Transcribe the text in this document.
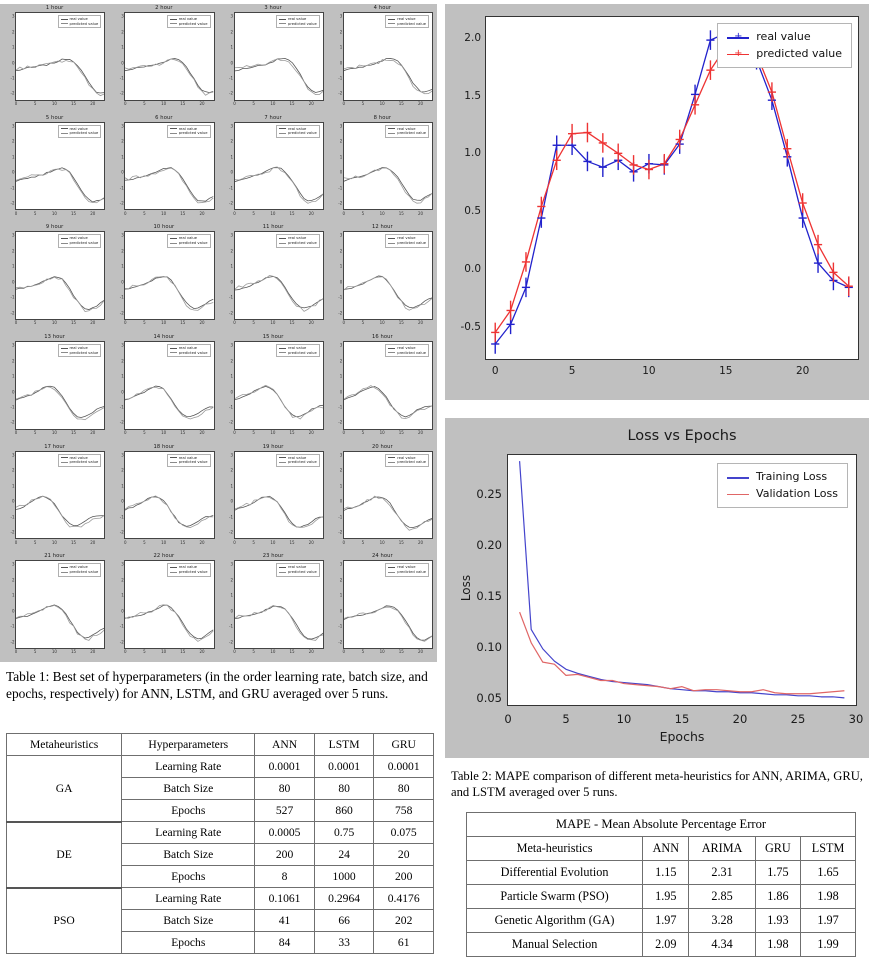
1 hour
3
2
1
0
-1
-2
0	5	10	15	20
real value
predicted value
2 hour
3
2
1
0
-1
-2
0	5	10	15	20
real value
predicted value
3 hour
3
2
1
0
-1
-2
0	5	10	15	20
real value
predicted value
4 hour
3
2
1
0
-1
-2
0	5	10	15	20
real value
predicted value
5 hour
3
2
1
0
-1
-2
0	5	10	15	20
real value
predicted value
6 hour
3
2
1
0
-1
-2
0	5	10	15	20
real value
predicted value
7 hour
3
2
1
0
-1
-2
0	5	10	15	20
real value
predicted value
8 hour
3
2
1
0
-1
-2
0	5	10	15	20
real value
predicted value
9 hour
3
2
1
0
-1
-2
0	5	10	15	20
real value
predicted value
10 hour
3
2
1
0
-1
-2
0	5	10	15	20
real value
predicted value
11 hour
3
2
1
0
-1
-2
0	5	10	15	20
real value
predicted value
12 hour
3
2
1
0
-1
-2
0	5	10	15	20
real value
predicted value
13 hour
3
2
1
0
-1
-2
0	5	10	15	20
real value
predicted value
14 hour
3
2
1
0
-1
-2
0	5	10	15	20
real value
predicted value
15 hour
3
2
1
0
-1
-2
0	5	10	15	20
real value
predicted value
16 hour
3
2
1
0
-1
-2
0	5	10	15	20
real value
predicted value
17 hour
3
2
1
0
-1
-2
0	5	10	15	20
real value
predicted value
18 hour
3
2
1
0
-1
-2
0	5	10	15	20
real value
predicted value
19 hour
3
2
1
0
-1
-2
0	5	10	15	20
real value
predicted value
20 hour
3
2
1
0
-1
-2
0	5	10	15	20
real value
predicted value
21 hour
3
2
1
0
-1
-2
0	5	10	15	20
real value
predicted value
22 hour
3
2
1
0
-1
-2
0	5	10	15	20
real value
predicted value
23 hour
3
2
1
0
-1
-2
0	5	10	15	20
real value
predicted value
24 hour
3
2
1
0
-1
-2
0	5	10	15	20
real value
predicted value
-0.5
0.0
0.5
1.0
1.5
2.0
0	5	10	15	20
+ real value
+ predicted value
Loss vs Epochs
Loss
Epochs
0.05
0.10
0.15
0.20
0.25
0	5	10	15	20	25	30
Training Loss
Validation Loss
Table 1: Best set of hyperparameters (in the order learning rate, batch size, and epochs, respectively) for ANN, LSTM, and GRU averaged over 5 runs.
Table 2: MAPE comparison of different meta-heuristics for ANN, ARIMA, GRU, and LSTM averaged over 5 runs.
Metaheuristics	Hyperparameters	ANN	LSTM	GRU
GA	Learning Rate	0.0001	0.0001	0.0001
	Batch Size	80	80	80
	Epochs	527	860	758
DE	Learning Rate	0.0005	0.75	0.075
	Batch Size	200	24	20
	Epochs	8	1000	200
PSO	Learning Rate	0.1061	0.2964	0.4176
	Batch Size	41	66	202
	Epochs	84	33	61
MAPE - Mean Absolute Percentage Error				
Meta-heuristics	ANN	ARIMA	GRU	LSTM
Differential Evolution	1.15	2.31	1.75	1.65
Particle Swarm (PSO)	1.95	2.85	1.86	1.98
Genetic Algorithm (GA)	1.97	3.28	1.93	1.97
Manual Selection	2.09	4.34	1.98	1.99
